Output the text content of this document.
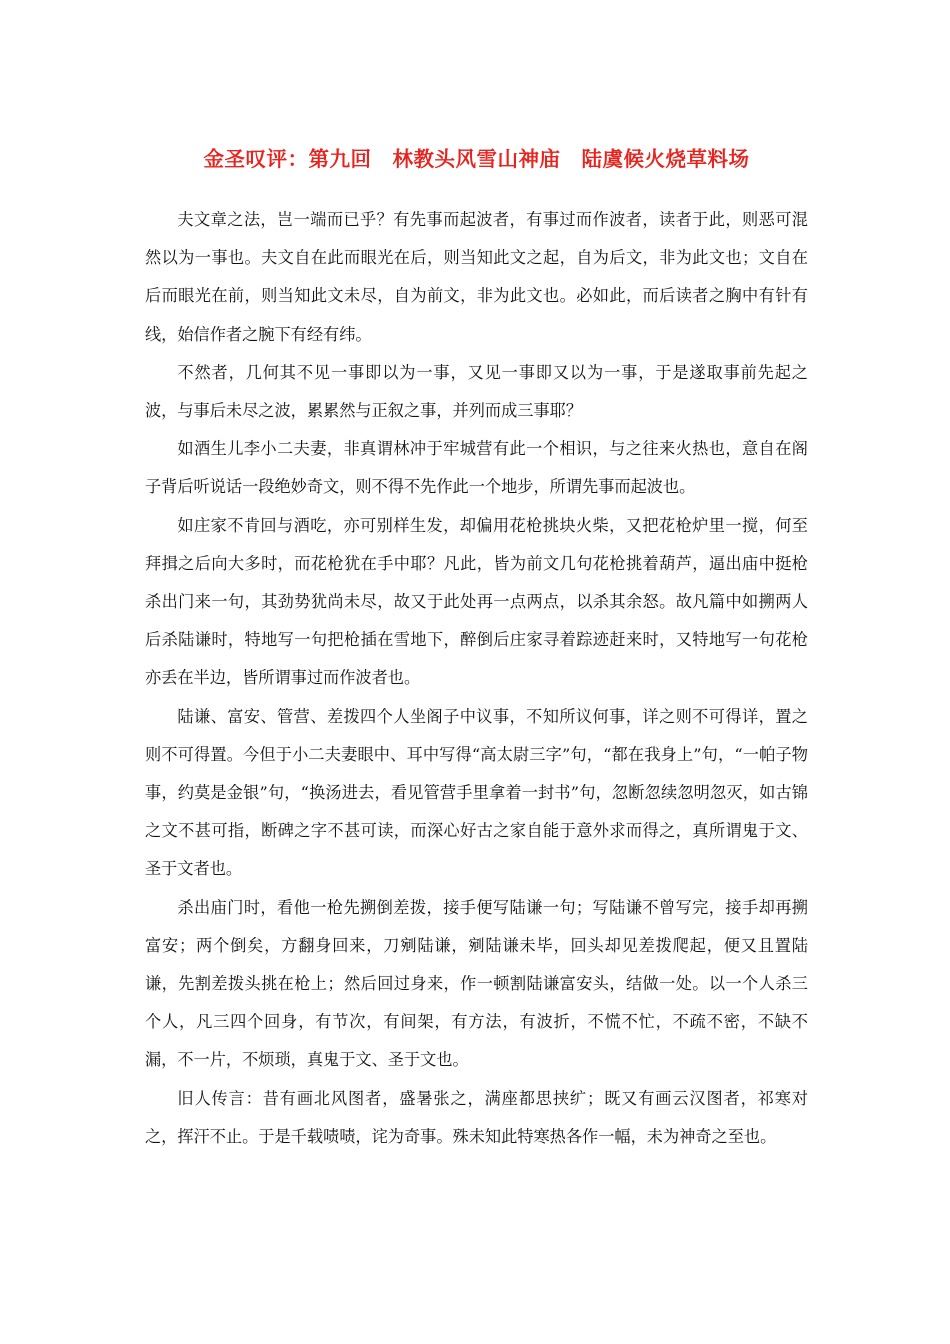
金圣叹评：第九回　林教头风雪山神庙　陆虞候火烧草料场

夫文章之法，岂一端而已乎？有先事而起波者，有事过而作波者，读者于此，则恶可混然以为一事也。夫文自在此而眼光在后，则当知此文之起，自为后文，非为此文也；文自在后而眼光在前，则当知此文未尽，自为前文，非为此文也。必如此，而后读者之胸中有针有线，始信作者之腕下有经有纬。

不然者，几何其不见一事即以为一事，又见一事即又以为一事，于是遂取事前先起之波，与事后未尽之波，累累然与正叙之事，并列而成三事耶？

如酒生儿李小二夫妻，非真谓林冲于牢城营有此一个相识，与之往来火热也，意自在阁子背后听说话一段绝妙奇文，则不得不先作此一个地步，所谓先事而起波也。

如庄家不肯回与酒吃，亦可别样生发，却偏用花枪挑块火柴，又把花枪炉里一搅，何至拜揖之后向大多时，而花枪犹在手中耶？凡此，皆为前文几句花枪挑着葫芦，逼出庙中挺枪杀出门来一句，其劲势犹尚未尽，故又于此处再一点两点，以杀其余怒。故凡篇中如搠两人后杀陆谦时，特地写一句把枪插在雪地下，醉倒后庄家寻着踪迹赶来时，又特地写一句花枪亦丢在半边，皆所谓事过而作波者也。

陆谦、富安、管营、差拨四个人坐阁子中议事，不知所议何事，详之则不可得详，置之则不可得置。今但于小二夫妻眼中、耳中写得“高太尉三字”句，“都在我身上”句，“一帕子物事，约莫是金银”句，“换汤进去，看见管营手里拿着一封书”句，忽断忽续忽明忽灭，如古锦之文不甚可指，断碑之字不甚可读，而深心好古之家自能于意外求而得之，真所谓鬼于文、圣于文者也。

杀出庙门时，看他一枪先搠倒差拨，接手便写陆谦一句；写陆谦不曾写完，接手却再搠富安；两个倒矣，方翻身回来，刀剜陆谦，剜陆谦未毕，回头却见差拨爬起，便又且置陆谦，先割差拨头挑在枪上；然后回过身来，作一顿割陆谦富安头，结做一处。以一个人杀三个人，凡三四个回身，有节次，有间架，有方法，有波折，不慌不忙，不疏不密，不缺不漏，不一片，不烦琐，真鬼于文、圣于文也。

旧人传言：昔有画北风图者，盛暑张之，满座都思挟纩；既又有画云汉图者，祁寒对之，挥汗不止。于是千载啧啧，诧为奇事。殊未知此特寒热各作一幅，未为神奇之至也。
